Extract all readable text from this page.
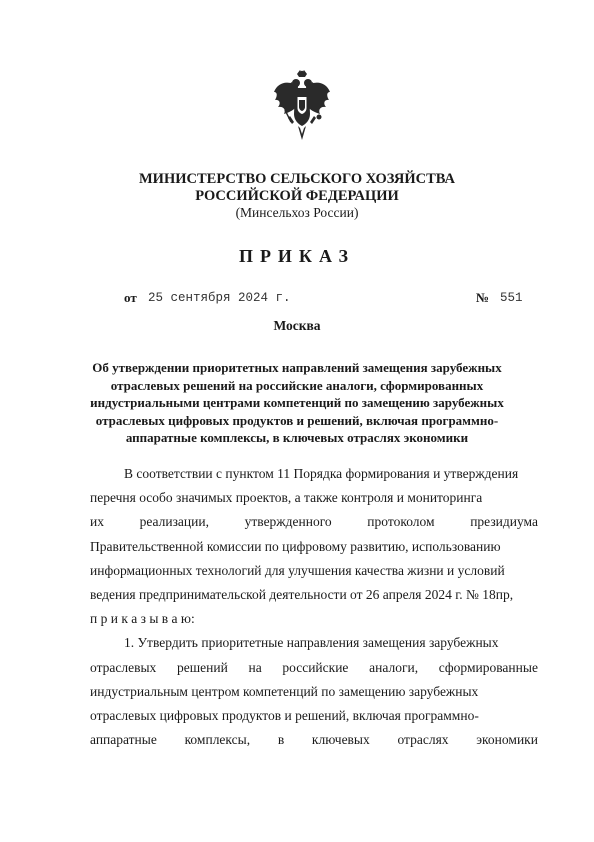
МИНИСТЕРСТВО СЕЛЬСКОГО ХОЗЯЙСТВА
РОССИЙСКОЙ ФЕДЕРАЦИИ
(Минсельхоз России)
ПРИКАЗ
от 25 сентября 2024 г.	№ 551
Москва
Об утверждении приоритетных направлений замещения зарубежных
отраслевых решений на российские аналоги, сформированных
индустриальными центрами компетенций по замещению зарубежных
отраслевых цифровых продуктов и решений, включая программно-
аппаратные комплексы, в ключевых отраслях экономики
В соответствии с пунктом 11 Порядка формирования и утверждения
перечня особо значимых проектов, а также контроля и мониторинга
их	реализации,	утвержденного	протоколом	президиума
Правительственной комиссии по цифровому развитию, использованию
информационных технологий для улучшения качества жизни и условий
ведения предпринимательской деятельности от 26 апреля 2024 г. № 18пр,
п р и к а з ы в а ю:
1. Утвердить приоритетные направления замещения зарубежных
отраслевых решений на российские аналоги, сформированные
индустриальным центром компетенций по замещению зарубежных
отраслевых цифровых продуктов и решений, включая программно-
аппаратные комплексы, в ключевых отраслях экономики
